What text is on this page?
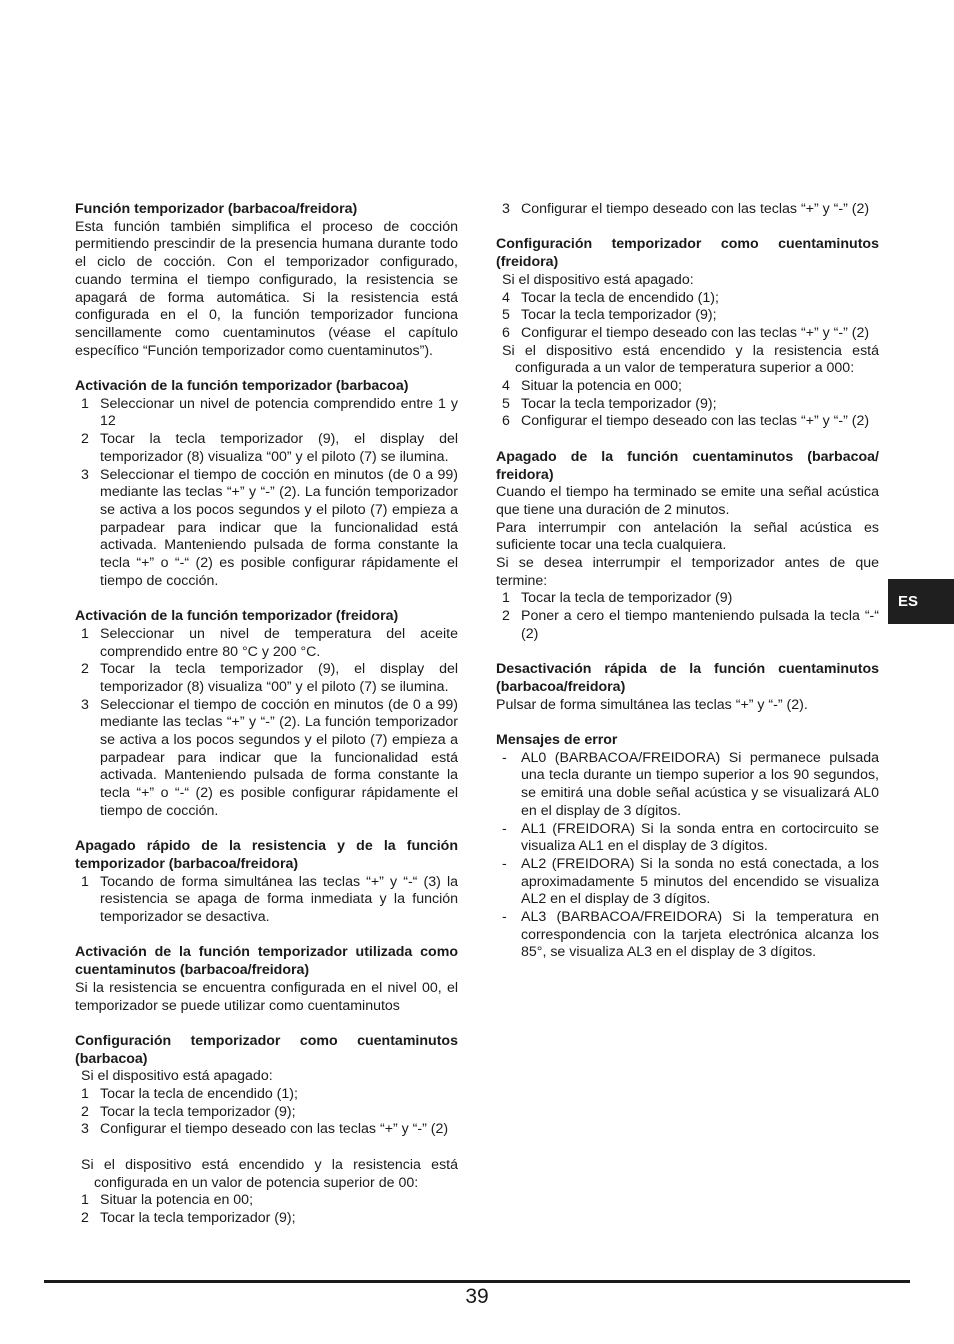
Función temporizador (barbacoa/freidora)
Esta función también simplifica el proceso de cocción permitiendo prescindir de la presencia humana durante todo el ciclo de cocción. Con el temporizador configurado, cuando termina el tiempo configurado, la resistencia se apagará de forma automática. Si la resistencia está configurada en el 0, la función temporizador funciona sencillamente como cuentaminutos (véase el capítulo específico “Función temporizador como cuentaminutos”).
Activación de la función temporizador (barbacoa)
1 Seleccionar un nivel de potencia comprendido entre 1 y 12
2 Tocar la tecla temporizador (9), el display del temporizador (8) visualiza “00” y el piloto (7) se ilumina.
3 Seleccionar el tiempo de cocción en minutos (de 0 a 99) mediante las teclas “+” y “-” (2). La función temporizador se activa a los pocos segundos y el piloto (7) empieza a parpadear para indicar que la funcionalidad está activada. Manteniendo pulsada de forma constante la tecla “+” o “-“ (2) es posible configurar rápidamente el tiempo de cocción.
Activación de la función temporizador (freidora)
1 Seleccionar un nivel de temperatura del aceite comprendido entre 80 °C y 200 °C.
2 Tocar la tecla temporizador (9), el display del temporizador (8) visualiza “00” y el piloto (7) se ilumina.
3 Seleccionar el tiempo de cocción en minutos (de 0 a 99) mediante las teclas “+” y “-” (2). La función temporizador se activa a los pocos segundos y el piloto (7) empieza a parpadear para indicar que la funcionalidad está activada. Manteniendo pulsada de forma constante la tecla “+” o “-“ (2) es posible configurar rápidamente el tiempo de cocción.
Apagado rápido de la resistencia y de la función temporizador (barbacoa/freidora)
1 Tocando de forma simultánea las teclas “+” y “-“ (3) la resistencia se apaga de forma inmediata y la función temporizador se desactiva.
Activación de la función temporizador utilizada como cuentaminutos (barbacoa/freidora)
Si la resistencia se encuentra configurada en el nivel 00, el temporizador se puede utilizar como cuentaminutos
Configuración temporizador como cuentaminutos (barbacoa)
Si el dispositivo está apagado:
1 Tocar la tecla de encendido (1);
2 Tocar la tecla temporizador (9);
3 Configurar el tiempo deseado con las teclas “+” y “-” (2)
Si el dispositivo está encendido y la resistencia está configurada en un valor de potencia superior de 00:
1 Situar la potencia en 00;
2 Tocar la tecla temporizador (9);
3 Configurar el tiempo deseado con las teclas “+” y “-” (2)
Configuración temporizador como cuentaminutos (freidora)
Si el dispositivo está apagado:
4 Tocar la tecla de encendido (1);
5 Tocar la tecla temporizador (9);
6 Configurar el tiempo deseado con las teclas “+” y “-” (2)
Si el dispositivo está encendido y la resistencia está configurada a un valor de temperatura superior a 000:
4 Situar la potencia en 000;
5 Tocar la tecla temporizador (9);
6 Configurar el tiempo deseado con las teclas “+” y “-” (2)
Apagado de la función cuentaminutos (barbacoa/ freidora)
Cuando el tiempo ha terminado se emite una señal acústica que tiene una duración de 2 minutos.
Para interrumpir con antelación la señal acústica es suficiente tocar una tecla cualquiera.
Si se desea interrumpir el temporizador antes de que termine:
1 Tocar la tecla de temporizador (9)
2 Poner a cero el tiempo manteniendo pulsada la tecla “-“ (2)
Desactivación rápida de la función cuentaminutos (barbacoa/freidora)
Pulsar de forma simultánea las teclas “+” y “-” (2).
Mensajes de error
- AL0 (BARBACOA/FREIDORA) Si permanece pulsada una tecla durante un tiempo superior a los 90 segundos, se emitirá una doble señal acústica y se visualizará AL0 en el display de 3 dígitos.
- AL1 (FREIDORA) Si la sonda entra en cortocircuito se visualiza AL1 en el display de 3 dígitos.
- AL2 (FREIDORA) Si la sonda no está conectada, a los aproximadamente 5 minutos del encendido se visualiza AL2 en el display de 3 dígitos.
- AL3 (BARBACOA/FREIDORA) Si la temperatura en correspondencia con la tarjeta electrónica alcanza los 85°, se visualiza AL3 en el display de 3 dígitos.
ES
39
